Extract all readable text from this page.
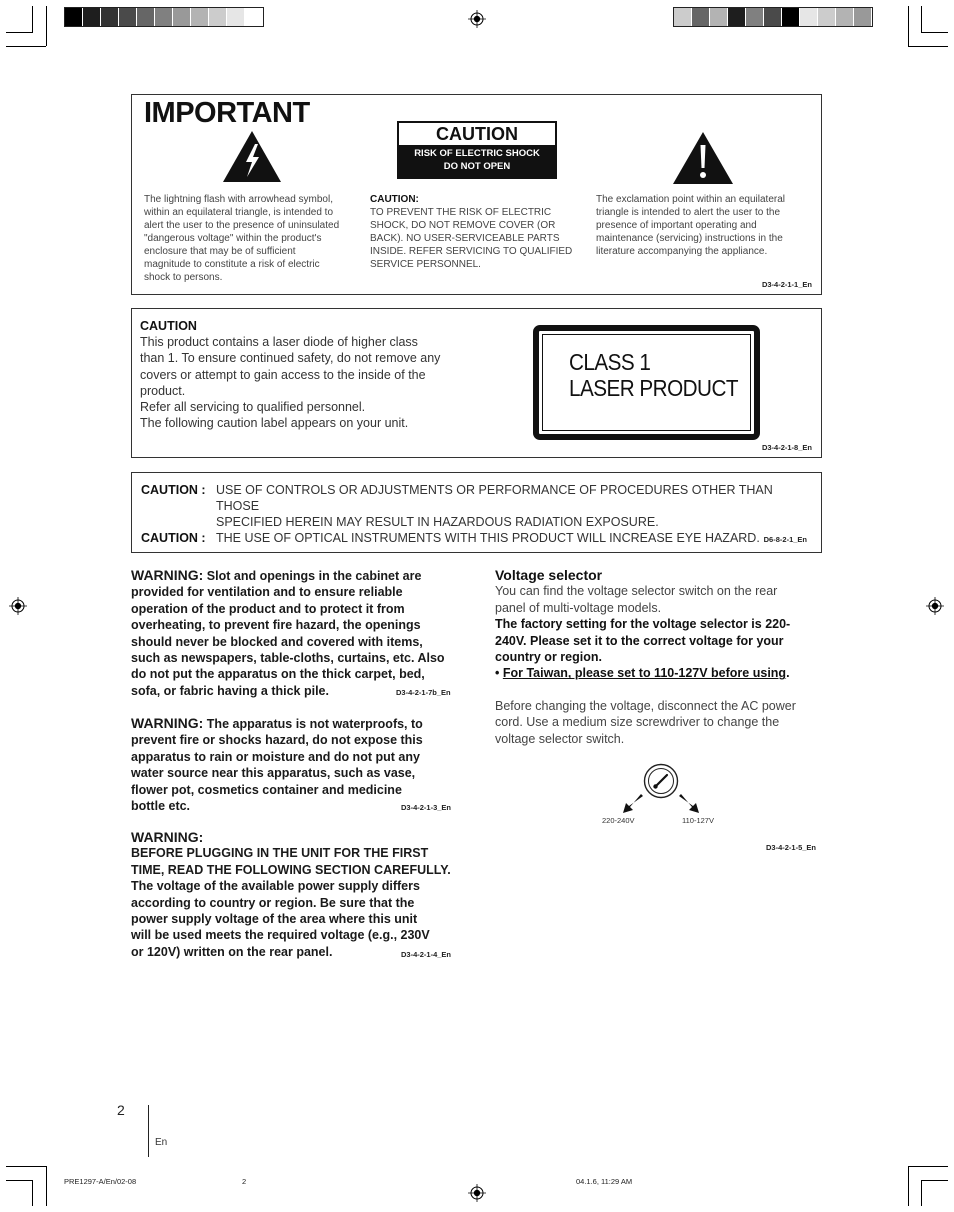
IMPORTANT
CAUTION
RISK OF ELECTRIC SHOCK
DO NOT OPEN
The lightning flash with arrowhead symbol,
within an equilateral triangle, is intended to
alert the user to the presence of uninsulated
"dangerous voltage" within the product's
enclosure that may be of sufficient
magnitude to constitute a risk of electric
shock to persons.
CAUTION:
TO PREVENT THE RISK OF ELECTRIC
SHOCK, DO NOT REMOVE COVER (OR
BACK). NO USER-SERVICEABLE PARTS
INSIDE. REFER SERVICING TO QUALIFIED
SERVICE PERSONNEL.
The exclamation point within an equilateral
triangle is intended to alert the user to the
presence of important operating and
maintenance (servicing) instructions in the
literature accompanying the appliance.
D3-4-2-1-1_En
CAUTION
This product contains a laser diode of higher class
than 1. To ensure continued safety, do not remove any
covers or attempt to gain access to the inside of the
product.
Refer all servicing to qualified personnel.
The following caution label appears on your unit.
CLASS 1
LASER PRODUCT
D3-4-2-1-8_En
CAUTION : USE OF CONTROLS OR ADJUSTMENTS OR PERFORMANCE OF PROCEDURES OTHER THAN THOSE
SPECIFIED HEREIN MAY RESULT IN HAZARDOUS RADIATION EXPOSURE.
CAUTION : THE USE OF OPTICAL INSTRUMENTS WITH THIS PRODUCT WILL INCREASE EYE HAZARD. D6-8-2-1_En
WARNING: Slot and openings in the cabinet are
provided for ventilation and to ensure reliable
operation of the product and to protect it from
overheating, to prevent fire hazard, the openings
should never be blocked and covered with items,
such as newspapers, table-cloths, curtains, etc. Also
do not put the apparatus on the thick carpet, bed,
sofa, or fabric having a thick pile.	D3-4-2-1-7b_En
WARNING: The apparatus is not waterproofs, to
prevent fire or shocks hazard, do not expose this
apparatus to rain or moisture and do not put any
water source near this apparatus, such as vase,
flower pot, cosmetics container and medicine
bottle etc.	D3-4-2-1-3_En
WARNING:
BEFORE PLUGGING IN THE UNIT FOR THE FIRST
TIME, READ THE FOLLOWING SECTION CAREFULLY.
The voltage of the available power supply differs
according to country or region. Be sure that the
power supply voltage of the area where this unit
will be used meets the required voltage (e.g., 230V
or 120V) written on the rear panel.	D3-4-2-1-4_En
Voltage selector
You can find the voltage selector switch on the rear
panel of multi-voltage models.
The factory setting for the voltage selector is 220-
240V. Please set it to the correct voltage for your
country or region.
• For Taiwan, please set to 110-127V before using.
Before changing the voltage, disconnect the AC power
cord. Use a medium size screwdriver to change the
voltage selector switch.
220-240V	110-127V
D3-4-2-1-5_En
2
En
PRE1297-A/En/02-08	2	04.1.6, 11:29 AM
